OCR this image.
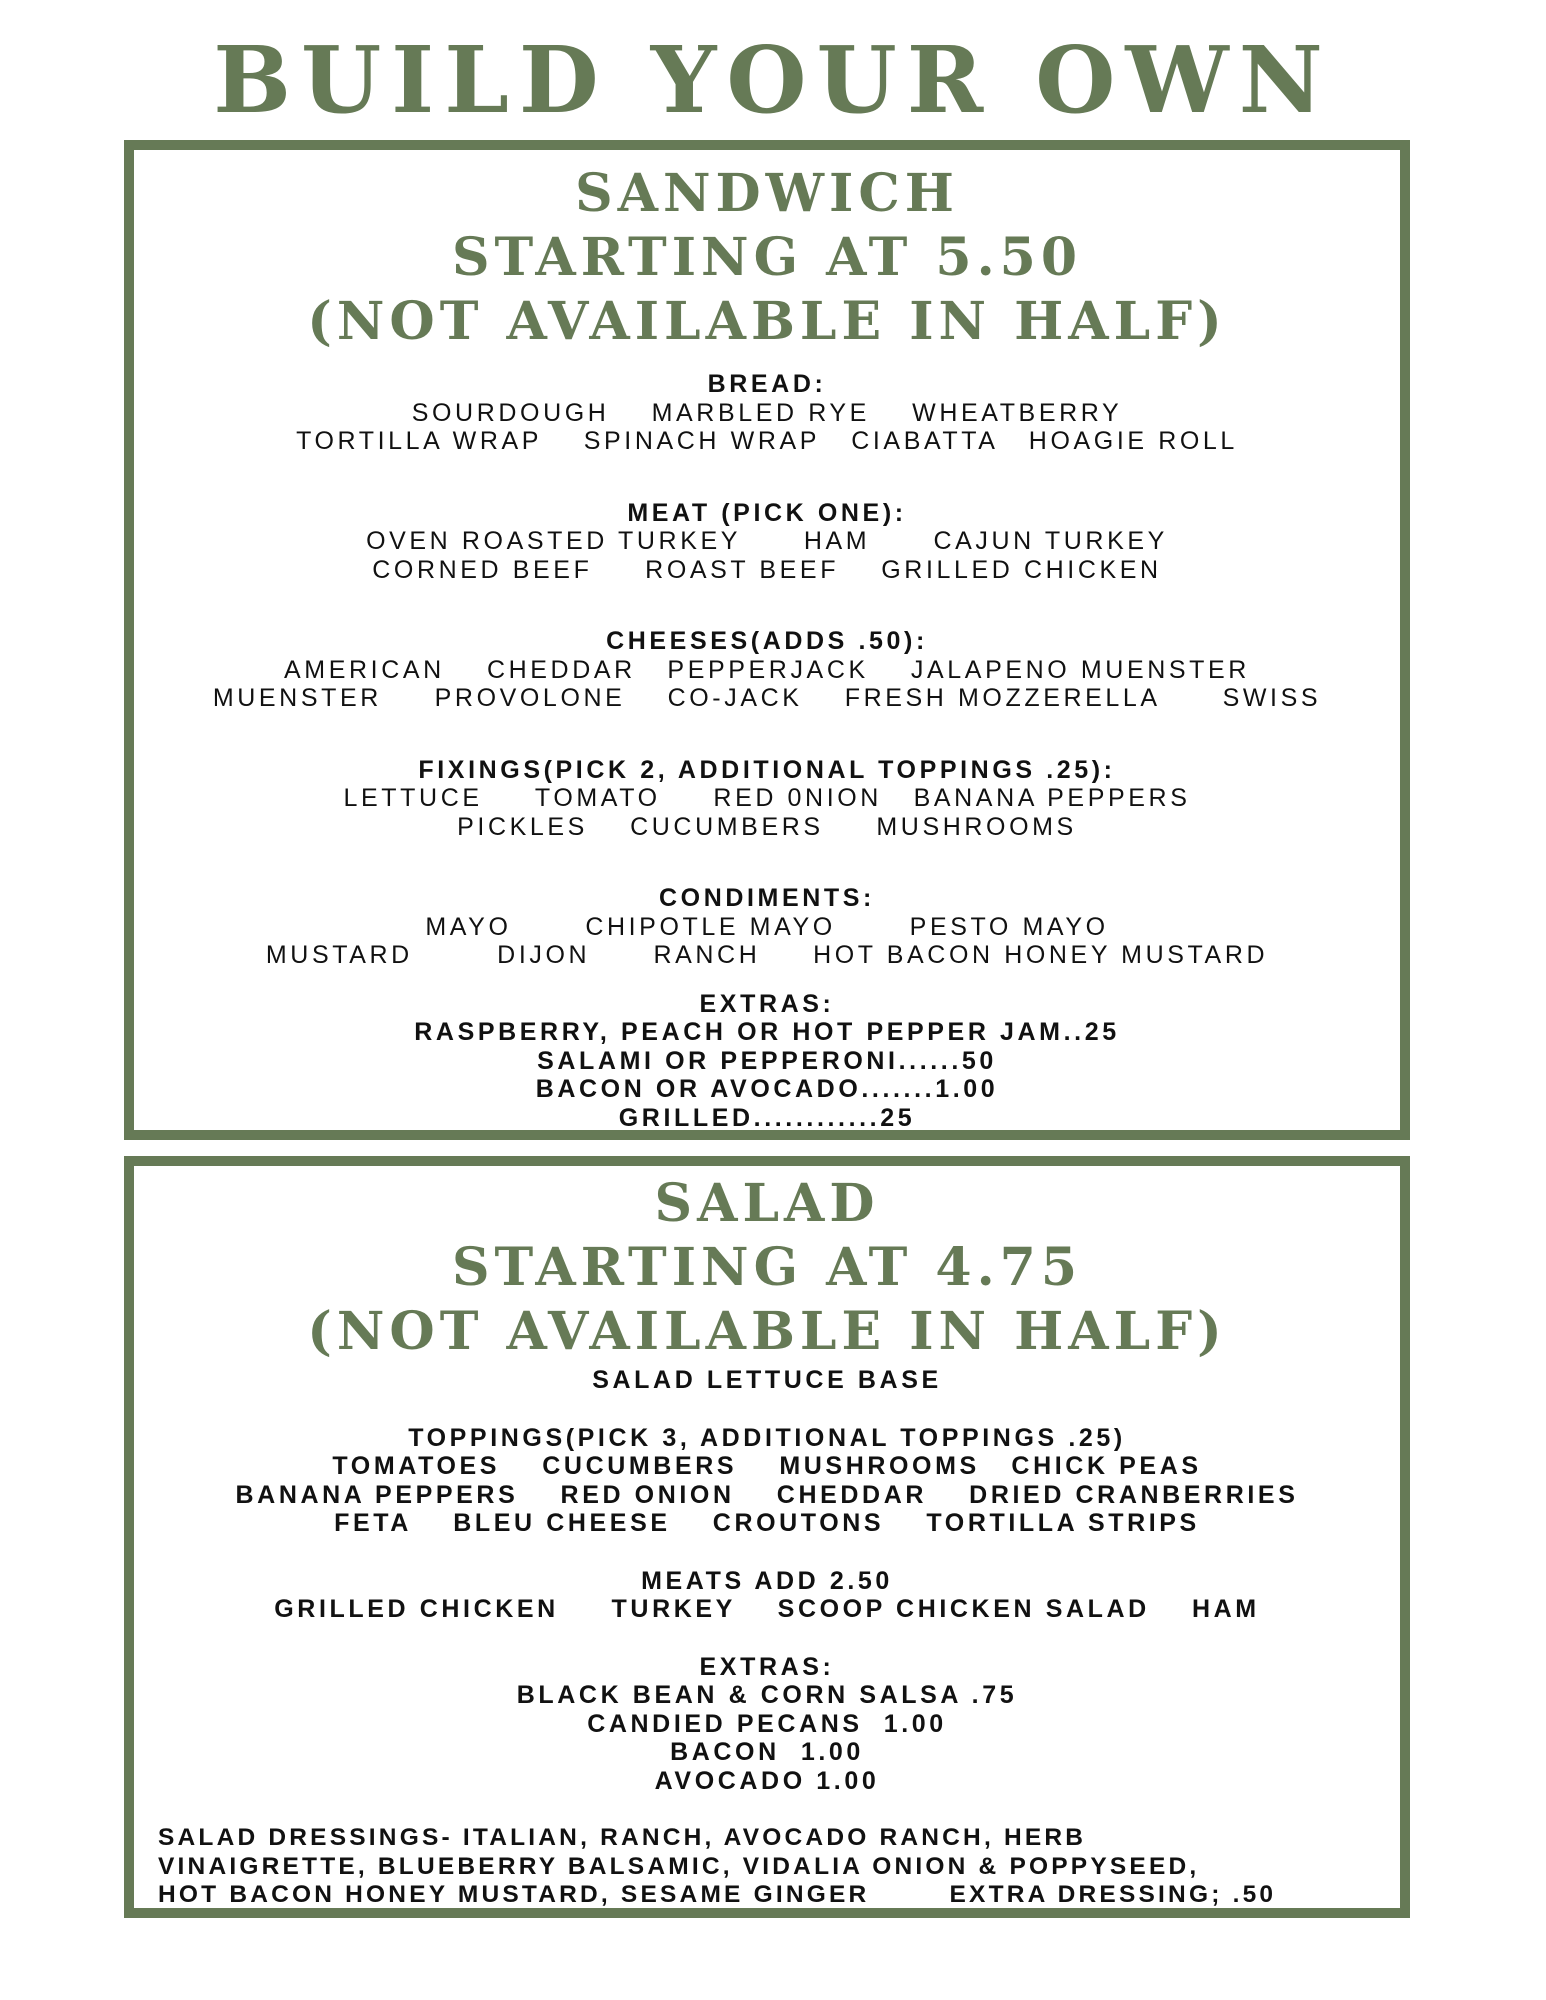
BUILD YOUR OWN
SANDWICH
STARTING AT 5.50
(NOT AVAILABLE IN HALF)
BREAD:
SOURDOUGH    MARBLED RYE    WHEATBERRY
TORTILLA WRAP    SPINACH WRAP   CIABATTA   HOAGIE ROLL
MEAT (PICK ONE):
OVEN ROASTED TURKEY      HAM      CAJUN TURKEY
CORNED BEEF     ROAST BEEF    GRILLED CHICKEN
CHEESES(ADDS .50):
AMERICAN    CHEDDAR   PEPPERJACK    JALAPENO MUENSTER
MUENSTER     PROVOLONE    CO-JACK    FRESH MOZZERELLA      SWISS
FIXINGS(PICK 2, ADDITIONAL TOPPINGS .25):
LETTUCE     TOMATO     RED 0NION   BANANA PEPPERS
PICKLES    CUCUMBERS     MUSHROOMS
CONDIMENTS:
MAYO       CHIPOTLE MAYO       PESTO MAYO
MUSTARD        DIJON      RANCH     HOT BACON HONEY MUSTARD
EXTRAS:
RASPBERRY, PEACH OR HOT PEPPER JAM..25
SALAMI OR PEPPERONI......50
BACON OR AVOCADO.......1.00
GRILLED............25
SALAD
STARTING AT 4.75
(NOT AVAILABLE IN HALF)
SALAD LETTUCE BASE
TOPPINGS(PICK 3, ADDITIONAL TOPPINGS .25)
TOMATOES    CUCUMBERS    MUSHROOMS   CHICK PEAS
BANANA PEPPERS    RED ONION    CHEDDAR    DRIED CRANBERRIES
FETA    BLEU CHEESE    CROUTONS    TORTILLA STRIPS
MEATS ADD 2.50
GRILLED CHICKEN     TURKEY    SCOOP CHICKEN SALAD    HAM
EXTRAS:
BLACK BEAN & CORN SALSA .75
CANDIED PECANS  1.00
BACON  1.00
AVOCADO 1.00
SALAD DRESSINGS- ITALIAN, RANCH, AVOCADO RANCH, HERB
VINAIGRETTE, BLUEBERRY BALSAMIC, VIDALIA ONION & POPPYSEED,
HOT BACON HONEY MUSTARD, SESAME GINGER        EXTRA DRESSING; .50
